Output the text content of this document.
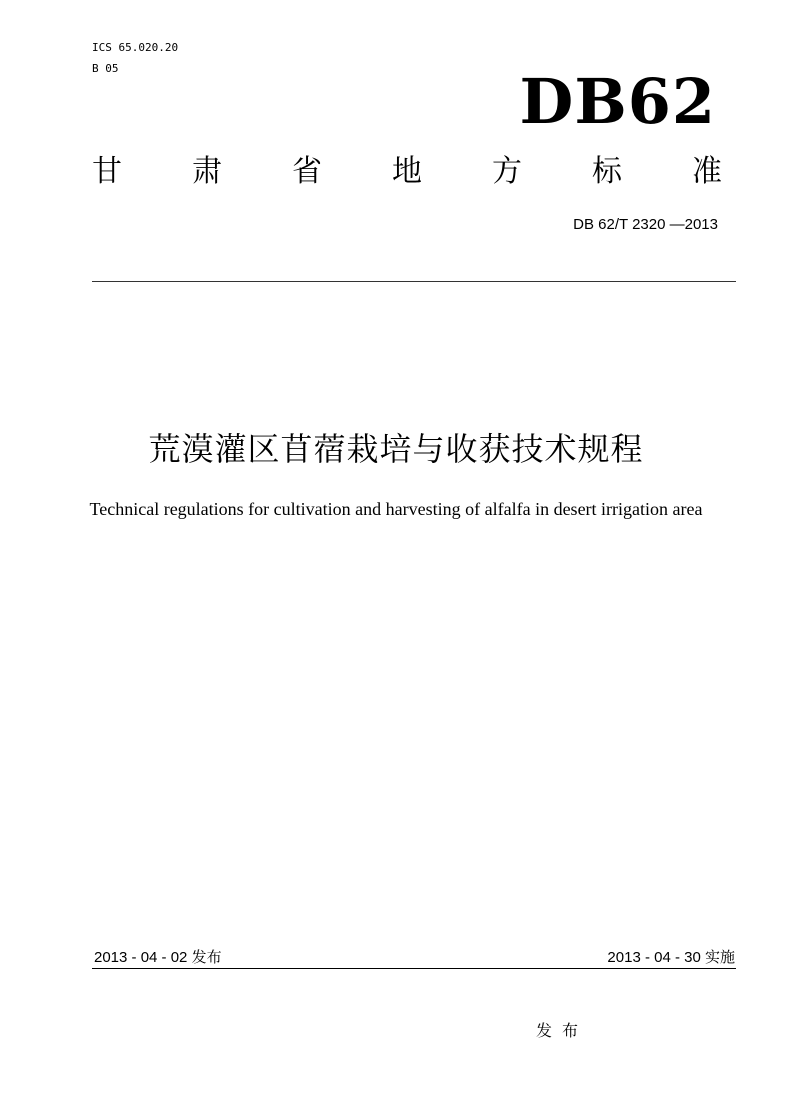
ICS 65.020.20
B 05	DB62
甘 肃 省 地 方 标 准
DB 62/T 2320 —2013
荒漠灌区苜蓿栽培与收获技术规程
Technical regulations for cultivation and harvesting of alfalfa in desert irrigation area
2013 - 04 - 02 发布	2013 - 04 - 30 实施
发布
